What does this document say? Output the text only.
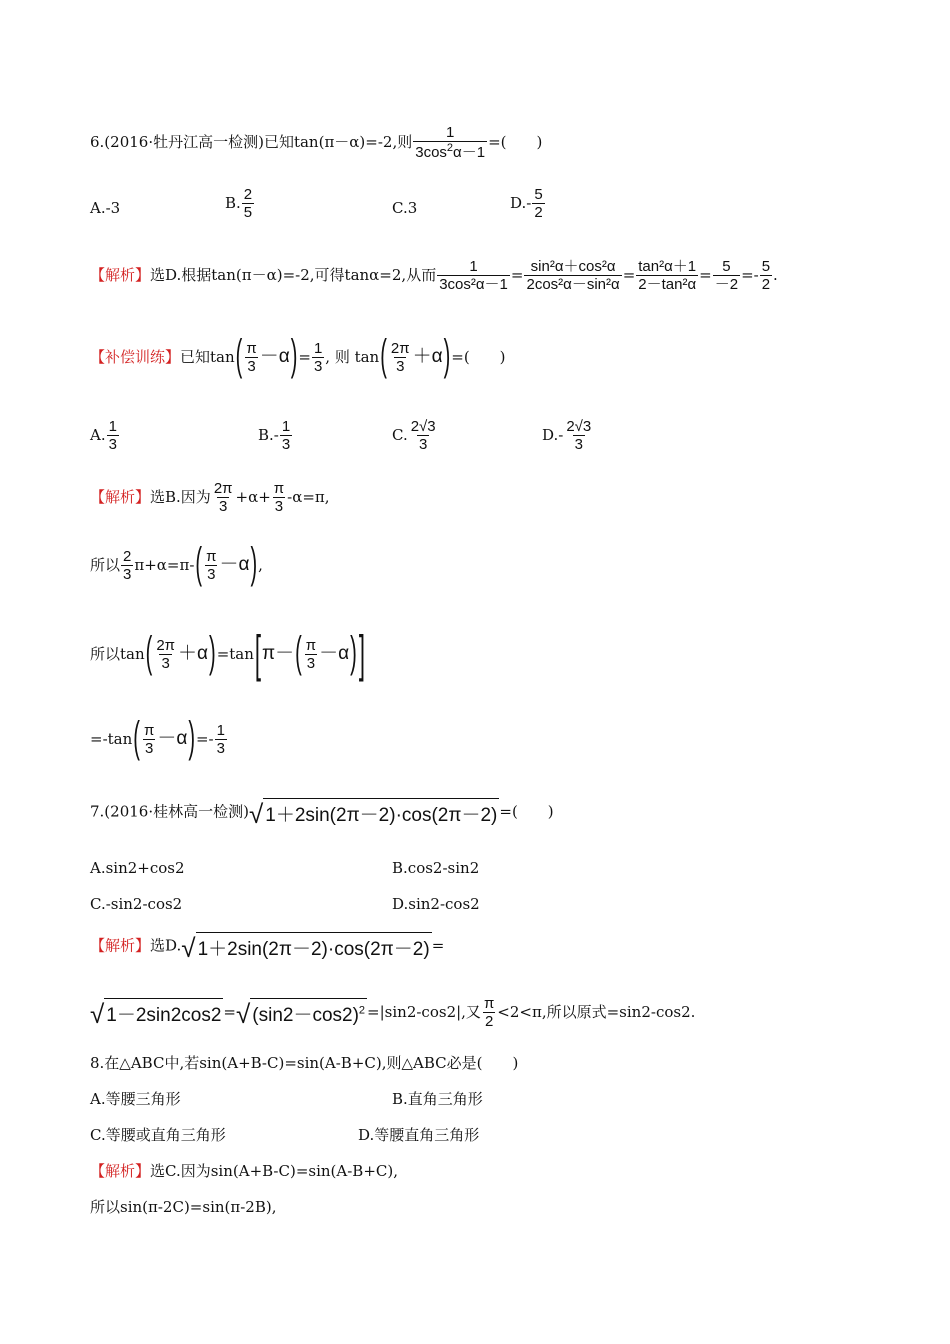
6.(2016·牡丹江高一检测)已知tan(π－α)=-2,则 $\frac{1}{3\cos^2\alpha-1}$ =(　　)
A.-3	B. $\frac{2}{5}$	C.3	$D.- \frac{5}{2}$
【解析】选D.根据tan(π－α)=-2,可得tanα=2,从而 $\frac{1}{\text{3cos²α－1}} = \frac{\text{sin²α＋cos²α}}{\text{2cos²α－sin²α}} = \frac{\text{tan²α＋1}}{\text{2－tan²α}} = \frac{5}{-2} =- \frac{5}{2}$ .
【补偿训练】已知$\tan( \frac{\pi}{3} -\alpha)= \frac{1}{3}$ , 则 $\tan( \frac{2\pi}{3} +\alpha)=$(　　)
A. $\frac{1}{3}$	$B.- \frac{1}{3}$	C. $\frac{2√3}{3}$	$D.- \frac{2√3}{3}$
【解析】选B.因为 $\frac{2\pi}{3} +\alpha+ \frac{\pi}{3} -\alpha=\pi$,
所以 $\frac{2}{3} \pi+\alpha=\pi-( \frac{\pi}{3} -\alpha)$,
所以$\tan( \frac{2\pi}{3} +\alpha)=\tan[\pi-( \frac{\pi}{3} -\alpha)]$
$=-\tan( \frac{\pi}{3} -\alpha)=- \frac{1}{3}$
7.(2016·桂林高一检测) √ 1＋2sin(2π－2)·cos(2π－2) =(　　)
A.sin2+cos2	B.cos2-sin2
C.-sin2-cos2	D.sin2-cos2
【解析】选D. √ 1＋2sin(2π－2)·cos(2π－2) =
√ 1－2sin2cos2 = √ $(\sin 2-\cos 2)^2 =|\sin 2-\cos 2|$,又 $\frac{\pi}{2} <2<\pi$,所以原式=sin2-cos2.
8.在△ABC中,若sin(A+B-C)=sin(A-B+C),则△ABC必是(　　)
A.等腰三角形	B.直角三角形
C.等腰或直角三角形	D.等腰直角三角形
【解析】选C.因为sin(A+B-C)=sin(A-B+C),
所以sin(π-2C)=sin(π-2B),
